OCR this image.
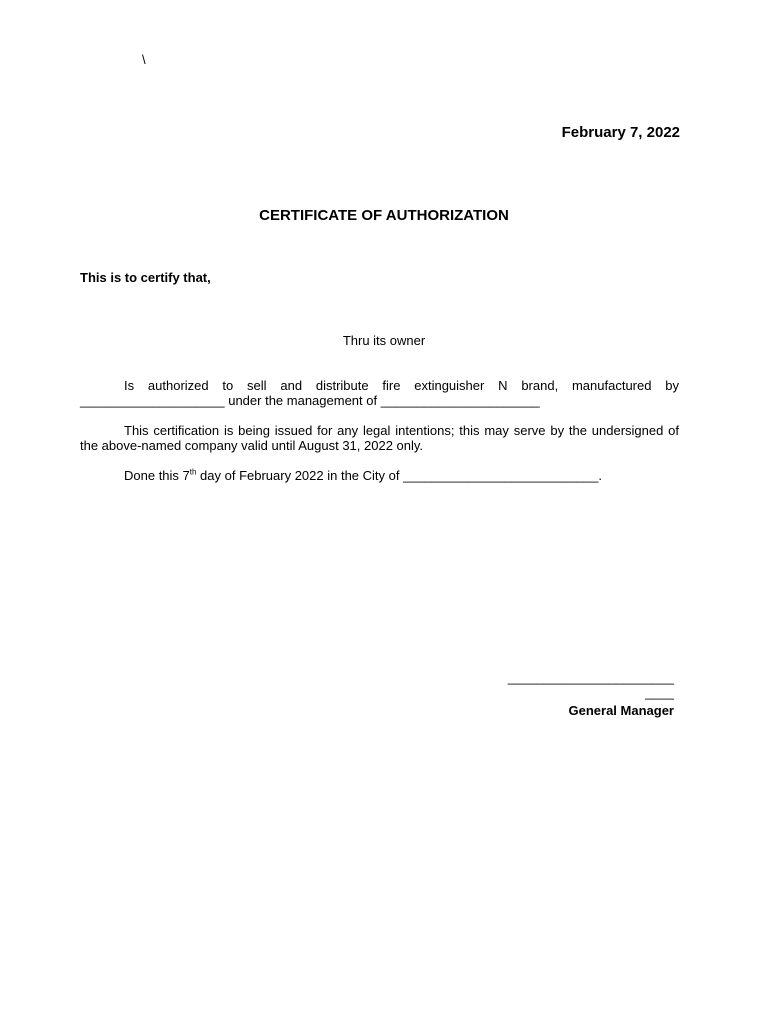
\
February 7, 2022
CERTIFICATE OF AUTHORIZATION
This is to certify that,
Thru its owner
Is authorized to sell and distribute fire extinguisher N brand, manufactured by ____________________ under the management of ______________________
This certification is being issued for any legal intentions; this may serve by the undersigned of the above-named company valid until August 31, 2022 only.
Done this 7th day of February 2022 in the City of ___________________________.
_______________________
____
General Manager
